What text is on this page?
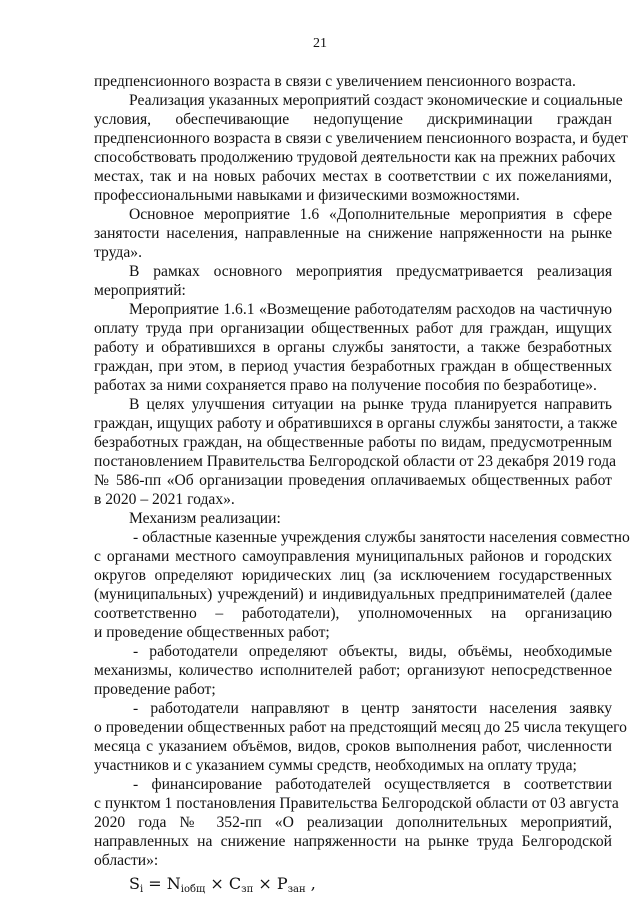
21
предпенсионного возраста в связи с увеличением пенсионного возраста.
Реализация указанных мероприятий создаст экономические и социальные
условия, обеспечивающие недопущение дискриминации граждан
предпенсионного возраста в связи с увеличением пенсионного возраста, и будет
способствовать продолжению трудовой деятельности как на прежних рабочих
местах, так и на новых рабочих местах в соответствии с их пожеланиями,
профессиональными навыками и физическими возможностями.
Основное мероприятие 1.6 «Дополнительные мероприятия в сфере
занятости населения, направленные на снижение напряженности на рынке
труда».
В рамках основного мероприятия предусматривается реализация
мероприятий:
Мероприятие 1.6.1 «Возмещение работодателям расходов на частичную
оплату труда при организации общественных работ для граждан, ищущих
работу и обратившихся в органы службы занятости, а также безработных
граждан, при этом, в период участия безработных граждан в общественных
работах за ними сохраняется право на получение пособия по безработице».
В целях улучшения ситуации на рынке труда планируется направить
граждан, ищущих работу и обратившихся в органы службы занятости, а также
безработных граждан, на общественные работы по видам, предусмотренным
постановлением Правительства Белгородской области от 23 декабря 2019 года
№ 586-пп «Об организации проведения оплачиваемых общественных работ
в 2020 – 2021 годах».
Механизм реализации:
- областные казенные учреждения службы занятости населения совместно
с органами местного самоуправления муниципальных районов и городских
округов определяют юридических лиц (за исключением государственных
(муниципальных) учреждений) и индивидуальных предпринимателей (далее
соответственно – работодатели), уполномоченных на организацию
и проведение общественных работ;
- работодатели определяют объекты, виды, объёмы, необходимые
механизмы, количество исполнителей работ; организуют непосредственное
проведение работ;
- работодатели направляют в центр занятости населения заявку
о проведении общественных работ на предстоящий месяц до 25 числа текущего
месяца с указанием объёмов, видов, сроков выполнения работ, численности
участников и с указанием суммы средств, необходимых на оплату труда;
- финансирование работодателей осуществляется в соответствии
с пунктом 1 постановления Правительства Белгородской области от 03 августа
2020 года № 352-пп «О реализации дополнительных мероприятий,
направленных на снижение напряженности на рынке труда Белгородской
области»:
$S_i = N_{iобщ} \times C_{зп} \times P_{зан}$ ,
